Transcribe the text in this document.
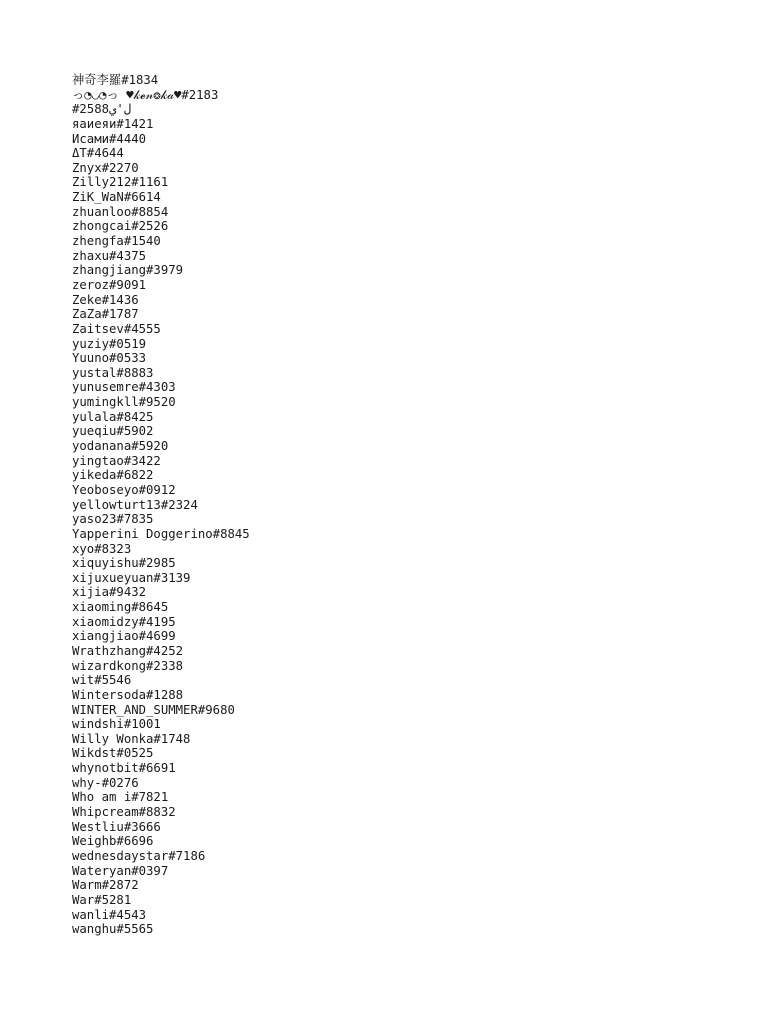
神奇李羅#1834
っ◔◡◔っ ♥𝓀𝓮𝓃❂𝓀𝒶♥#2183
#2588ل'ي
яаиеяи#1421
Исами#4440
ΔT#4644
Znyx#2270
Zilly212#1161
ZiK_WaN#6614
zhuanloo#8854
zhongcai#2526
zhengfa#1540
zhaxu#4375
zhangjiang#3979
zeroz#9091
Zeke#1436
ZaZa#1787
Zaitsev#4555
yuziy#0519
Yuuno#0533
yustal#8883
yunusemre#4303
yumingkll#9520
yulala#8425
yueqiu#5902
yodanana#5920
yingtao#3422
yikeda#6822
Yeoboseyo#0912
yellowturt13#2324
yaso23#7835
Yapperini Doggerino#8845
xyo#8323
xiquyishu#2985
xijuxueyuan#3139
xijia#9432
xiaoming#8645
xiaomidzy#4195
xiangjiao#4699
Wrathzhang#4252
wizardkong#2338
wit#5546
Wintersoda#1288
WINTER_AND_SUMMER#9680
windshi#1001
Willy Wonka#1748
Wikdst#0525
whynotbit#6691
why-#0276
Who am i#7821
Whipcream#8832
Westliu#3666
Weighb#6696
wednesdaystar#7186
Wateryan#0397
Warm#2872
War#5281
wanli#4543
wanghu#5565
